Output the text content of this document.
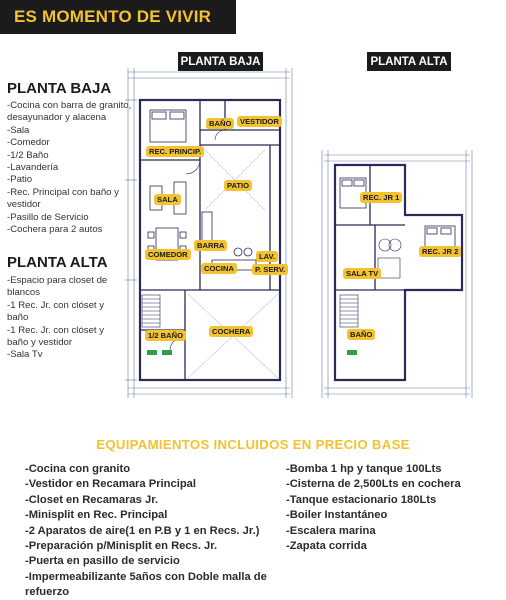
ES MOMENTO DE VIVIR
PLANTA BAJA	PLANTA ALTA
PLANTA BAJA
-Cocina con barra de granito, desayunador y alacena
-Sala
-Comedor
-1/2 Baño
-Lavandería
-Patio
-Rec. Principal con baño y vestidor
-Pasillo de Servicio
-Cochera para 2 autos
PLANTA ALTA
-Espacio para closet de blancos
-1 Rec. Jr. con clóset y baño
-1 Rec. Jr. con clóset y baño y vestidor
-Sala Tv
BAÑO	VESTIDOR
REC. PRINCIP.
PATIO
SALA
BARRA
COMEDOR
COCINA
LAV.
P. SERV.
1/2 BAÑO	COCHERA
REC. JR 1
REC. JR 2
SALA TV
BAÑO
EQUIPAMIENTOS INCLUIDOS EN PRECIO BASE
-Cocina con granito
-Vestidor en Recamara Principal
-Closet en Recamaras Jr.
-Minisplit en Rec. Principal
-2 Aparatos de aire(1 en P.B y 1 en Recs. Jr.)
-Preparación p/Minisplit en Recs. Jr.
-Puerta en pasillo de servicio
-Impermeabilizante 5años con Doble malla de refuerzo
-Bomba 1 hp y tanque 100Lts
-Cisterna de 2,500Lts en cochera
-Tanque estacionario 180Lts
-Boiler Instantáneo
-Escalera marina
-Zapata corrida
